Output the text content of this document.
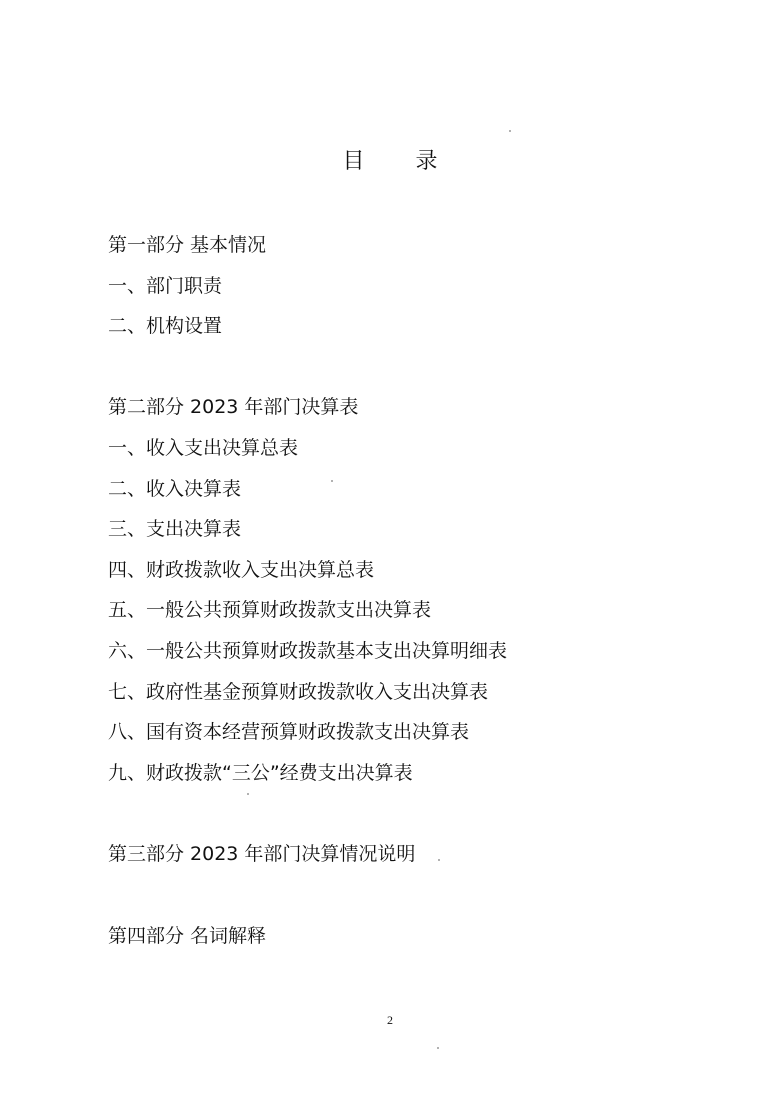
目 录
第一部分 基本情况
一、部门职责
二、机构设置
第二部分 2023 年部门决算表
一、收入支出决算总表
二、收入决算表
三、支出决算表
四、财政拨款收入支出决算总表
五、一般公共预算财政拨款支出决算表
六、一般公共预算财政拨款基本支出决算明细表
七、政府性基金预算财政拨款收入支出决算表
八、国有资本经营预算财政拨款支出决算表
九、财政拨款“三公”经费支出决算表
第三部分 2023 年部门决算情况说明
第四部分 名词解释
2
